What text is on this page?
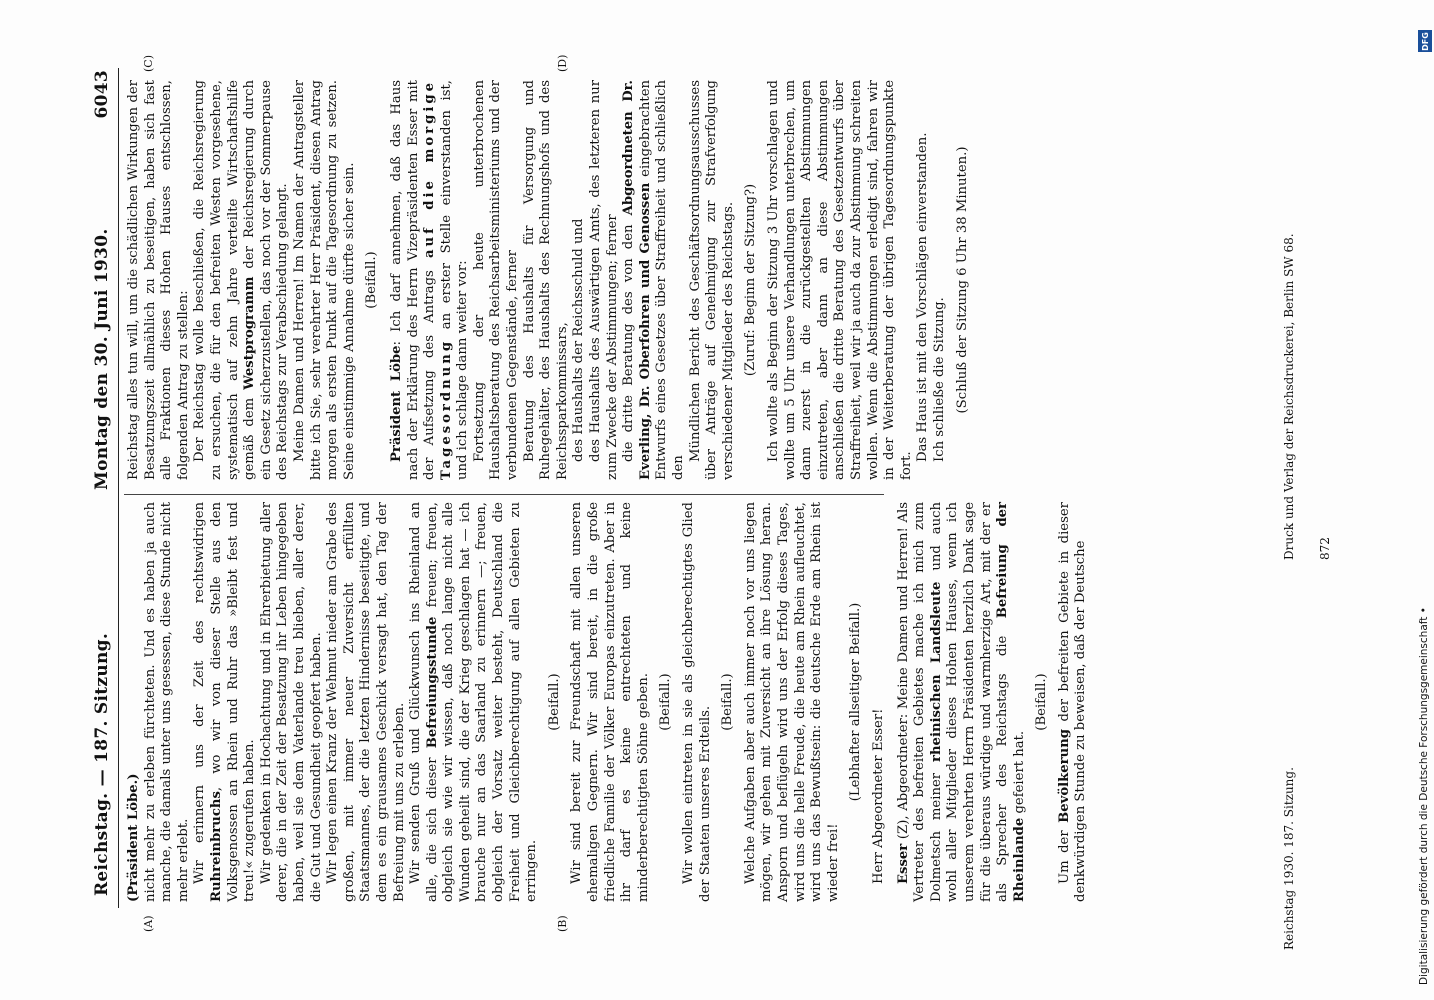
Reichstag. — 187. Sitzung.
Montag den 30. Juni 1930.
6043
(A)	(B)
(C)	(D)

(Präsident Löbe.) nicht mehr zu erleben fürchteten. Und es haben ja auch manche, die damals unter uns gesessen, diese Stunde nicht mehr erlebt. Wir erinnern uns der Zeit des rechtswidrigen Ruhreinbruchs, wo wir von dieser Stelle aus den Volksgenossen an Rhein und Ruhr das »Bleibt fest und treu!« zugerufen haben. Wir gedenken in Hochachtung und in Ehrerbietung aller derer, die in der Zeit der Besatzung ihr Leben hingegeben haben, weil sie dem Vaterlande treu blieben, aller derer, die Gut und Gesundheit geopfert haben. Wir legen einen Kranz der Wehmut nieder am Grabe des großen, mit immer neuer Zuversicht erfüllten Staatsmannes, der die letzten Hindernisse beseitigte, und dem es ein grausames Geschick versagt hat, den Tag der Befreiung mit uns zu erleben. Wir senden Gruß und Glückwunsch ins Rheinland an alle, die sich dieser Befreiungsstunde freuen; freuen, obgleich sie wie wir wissen, daß noch lange nicht alle Wunden geheilt sind, die der Krieg geschlagen hat — ich brauche nur an das Saarland zu erinnern —; freuen, obgleich der Vorsatz weiter besteht, Deutschland die Freiheit und Gleichberechtigung auf allen Gebieten zu erringen.

(Beifall.) Wir sind bereit zur Freundschaft mit allen unseren ehemaligen Gegnern. Wir sind bereit, in die große friedliche Familie der Völker Europas einzutreten. Aber in ihr darf es keine entrechteten und keine minderberechtigten Söhne geben. (Beifall.) Wir wollen eintreten in sie als gleichberechtigtes Glied der Staaten unseres Erdteils.

(Beifall.) Welche Aufgaben aber auch immer noch vor uns liegen mögen, wir gehen mit Zuversicht an ihre Lösung heran. Ansporn und beflügeln wird uns der Erfolg dieses Tages, wird uns die helle Freude, die heute am Rhein aufleuchtet, wird uns das Bewußtsein: die deutsche Erde am Rhein ist wieder frei!

(Lebhafter allseitiger Beifall.) Herr Abgeordneter Esser! Esser (Z), Abgeordneter: Meine Damen und Herren! Als Vertreter des befreiten Gebietes mache ich mich zum Dolmetsch meiner rheinischen Landsleute und auch wohl aller Mitglieder dieses Hohen Hauses, wenn ich unserem verehrten Herrn Präsidenten herzlich Dank sage für die überaus würdige und warmherzige Art, mit der er als Sprecher des Reichstags die Befreiung der Rheinlande gefeiert hat.

(Beifall.)

Um der Bevölkerung der befreiten Gebiete in dieser denkwürdigen Stunde zu beweisen, daß der Deutsche

Reichstag alles tun will, um die schädlichen Wirkungen der Besatzungszeit allmählich zu beseitigen, haben sich fast alle Fraktionen dieses Hohen Hauses entschlossen, folgenden Antrag zu stellen: Der Reichstag wolle beschließen, die Reichsregierung zu ersuchen, die für den befreiten Westen vorgesehene, systematisch auf zehn Jahre verteilte Wirtschaftshilfe gemäß dem Westprogramm der Reichsregierung durch ein Gesetz sicherzustellen, das noch vor der Sommerpause des Reichstags zur Verabschiedung gelangt. Meine Damen und Herren! Im Namen der Antragsteller bitte ich Sie, sehr verehrter Herr Präsident, diesen Antrag morgen als ersten Punkt auf die Tagesordnung zu setzen. Seine einstimmige Annahme dürfte sicher sein. (Beifall.)

Präsident Löbe: Ich darf annehmen, daß das Haus nach der Erklärung des Herrn Vizepräsidenten Esser mit der Aufsetzung des Antrags auf die morgige Tagesordnung an erster Stelle einverstanden ist, und ich schlage dann weiter vor: Fortsetzung der heute unterbrochenen Haushaltsberatung des Reichsarbeitsministeriums und der verbundenen Gegenstände, ferner Beratung des Haushalts für Versorgung und Ruhegehälter, des Haushalts des Rechnungshofs und des Reichssparkommissars, des Haushalts der Reichsschuld und des Haushalts des Auswärtigen Amts, des letzteren nur zum Zwecke der Abstimmungen; ferner die dritte Beratung des von den Abgeordneten Dr. Everling, Dr. Oberfohren und Genossen eingebrachten Entwurfs eines Gesetzes über Straffreiheit und schließlich den

Mündlichen Bericht des Geschäftsordnungsausschusses über Anträge auf Genehmigung zur Strafverfolgung verschiedener Mitglieder des Reichstags. (Zuruf: Beginn der Sitzung?) Ich wollte als Beginn der Sitzung 3 Uhr vorschlagen und wollte um 5 Uhr unsere Verhandlungen unterbrechen, um dann zuerst in die zurückgestellten Abstimmungen einzutreten, aber dann an diese Abstimmungen anschließen die dritte Beratung des Gesetzentwurfs über Straffreiheit, weil wir ja auch da zur Abstimmung schreiten wollen. Wenn die Abstimmungen erledigt sind, fahren wir in der Weiterberatung der übrigen Tagesordnungspunkte fort.

Das Haus ist mit den Vorschlägen einverstanden. Ich schließe die Sitzung. (Schluß der Sitzung 6 Uhr 38 Minuten.)

Reichstag 1930. 187. Sitzung.
Druck und Verlag der Reichsdruckerei, Berlin SW 68. 872
DFG
Digitalisierung gefördert durch die Deutsche Forschungsgemeinschaft •
